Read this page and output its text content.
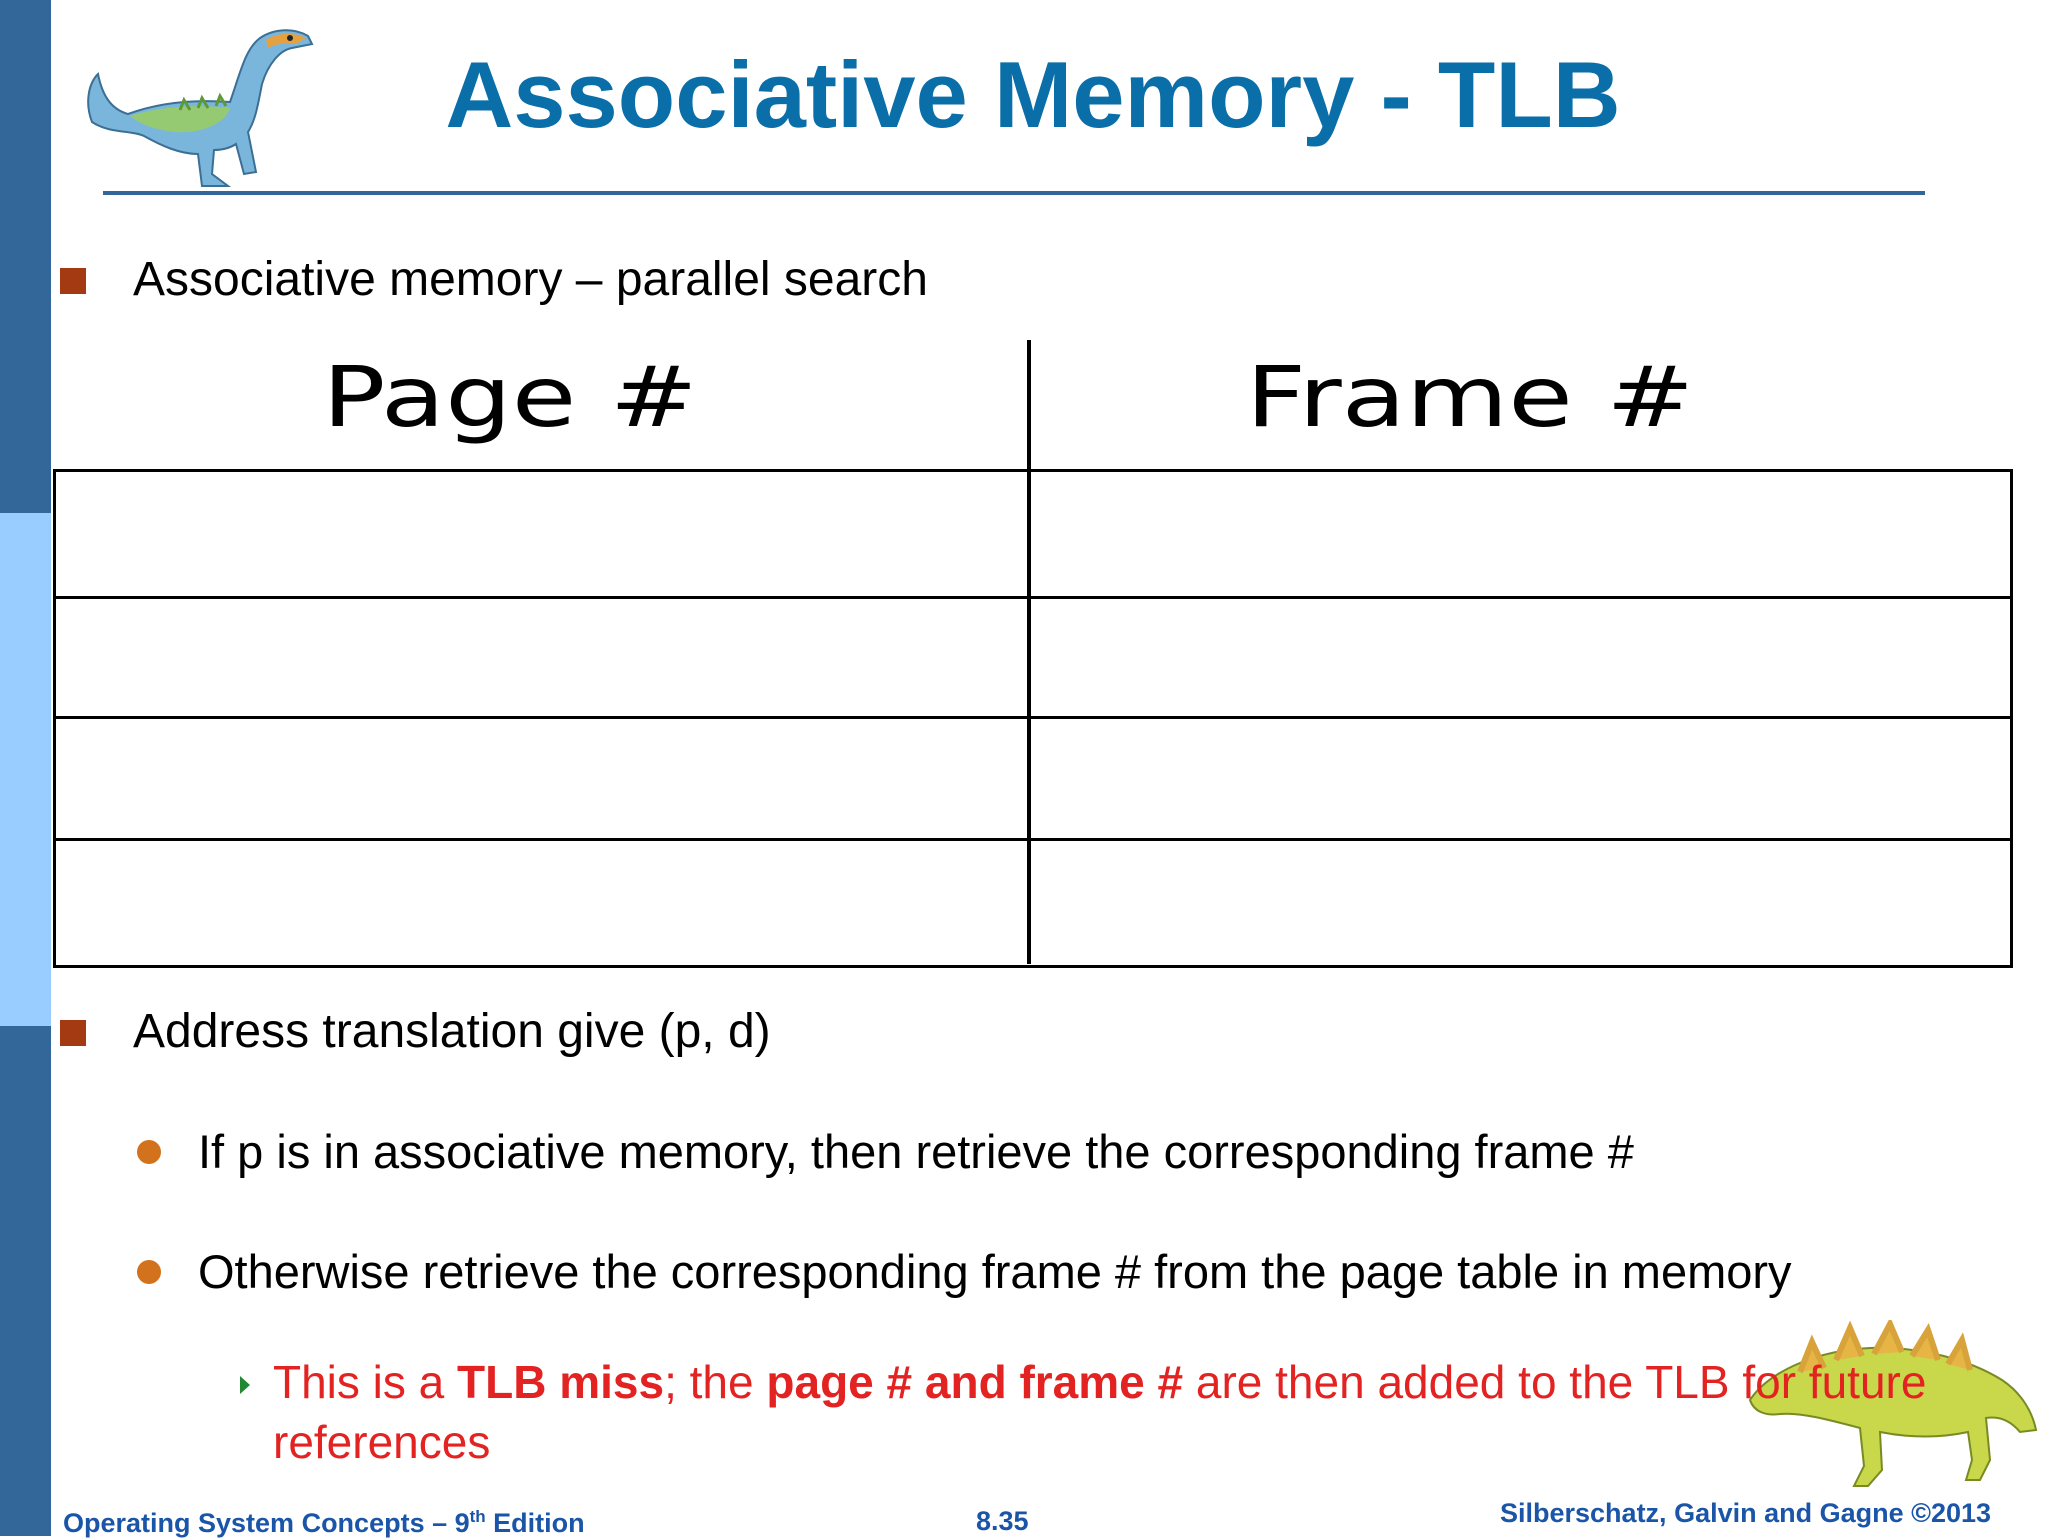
Associative Memory - TLB
Associative memory – parallel search
Page #	Frame #
Address translation give (p, d)
If p is in associative memory, then retrieve the corresponding frame #
Otherwise retrieve the corresponding frame # from the page table in memory
This is a TLB miss; the page # and frame # are then added to the TLB for future references
Operating System Concepts – 9th Edition	8.35	Silberschatz, Galvin and Gagne ©2013
